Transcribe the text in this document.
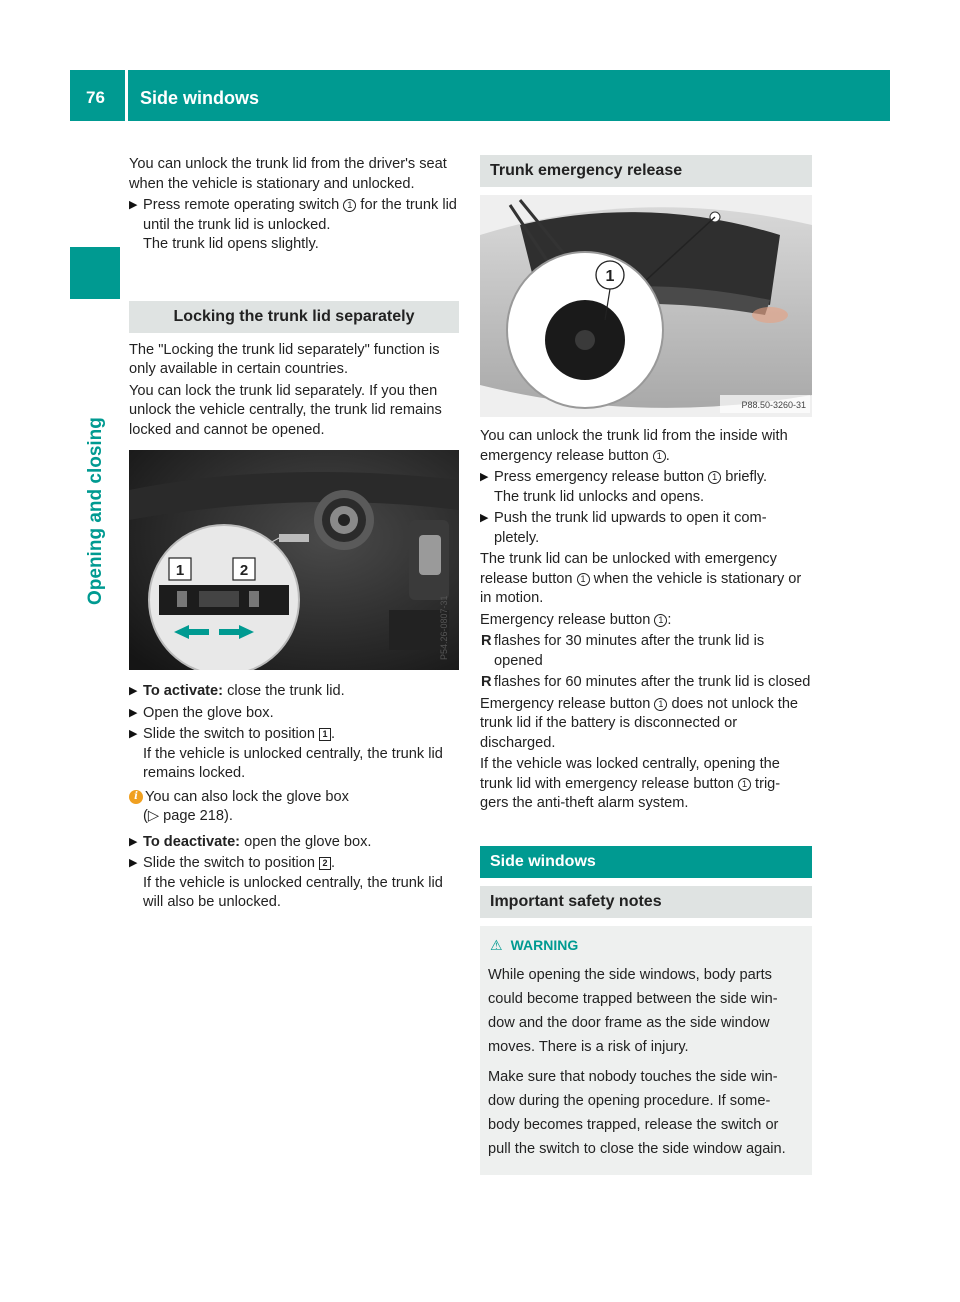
76 Side windows
Opening and closing

You can unlock the trunk lid from the driver's seat when the vehicle is stationary and unlocked.

▶ Press remote operating switch 1 for the trunk lid until the trunk lid is unlocked.
The trunk lid opens slightly.
Locking the trunk lid separately

The "Locking the trunk lid separately" function is only available in certain countries.

You can lock the trunk lid separately. If you then unlock the vehicle centrally, the trunk lid remains locked and cannot be opened.

1	2
P54.26-0807-31
▶ To activate: close the trunk lid.
▶ Open the glove box.
▶ Slide the switch to position 1 .
If the vehicle is unlocked centrally, the trunk lid remains locked.
i You can also lock the glove box
(▷ page 218).
▶ To deactivate: open the glove box.
▶ Slide the switch to position 2 .
If the vehicle is unlocked centrally, the trunk lid will also be unlocked.
Trunk emergency release
1
P88.50-3260-31

You can unlock the trunk lid from the inside with emergency release button 1 .

▶ Press emergency release button 1 briefly.
The trunk lid unlocks and opens.
▶ Push the trunk lid upwards to open it com- pletely.

The trunk lid can be unlocked with emergency release button 1 when the vehicle is stationary or in motion.

Emergency release button 1 :

R flashes for 30 minutes after the trunk lid is opened
R flashes for 60 minutes after the trunk lid is closed

Emergency release button 1 does not unlock the trunk lid if the battery is disconnected or discharged.

If the vehicle was locked centrally, opening the trunk lid with emergency release button 1 trig- gers the anti-theft alarm system.

Side windows
Important safety notes
⚠ WARNING

While opening the side windows, body parts could become trapped between the side win- dow and the door frame as the side window moves. There is a risk of injury.

Make sure that nobody touches the side win- dow during the opening procedure. If some- body becomes trapped, release the switch or pull the switch to close the side window again.
